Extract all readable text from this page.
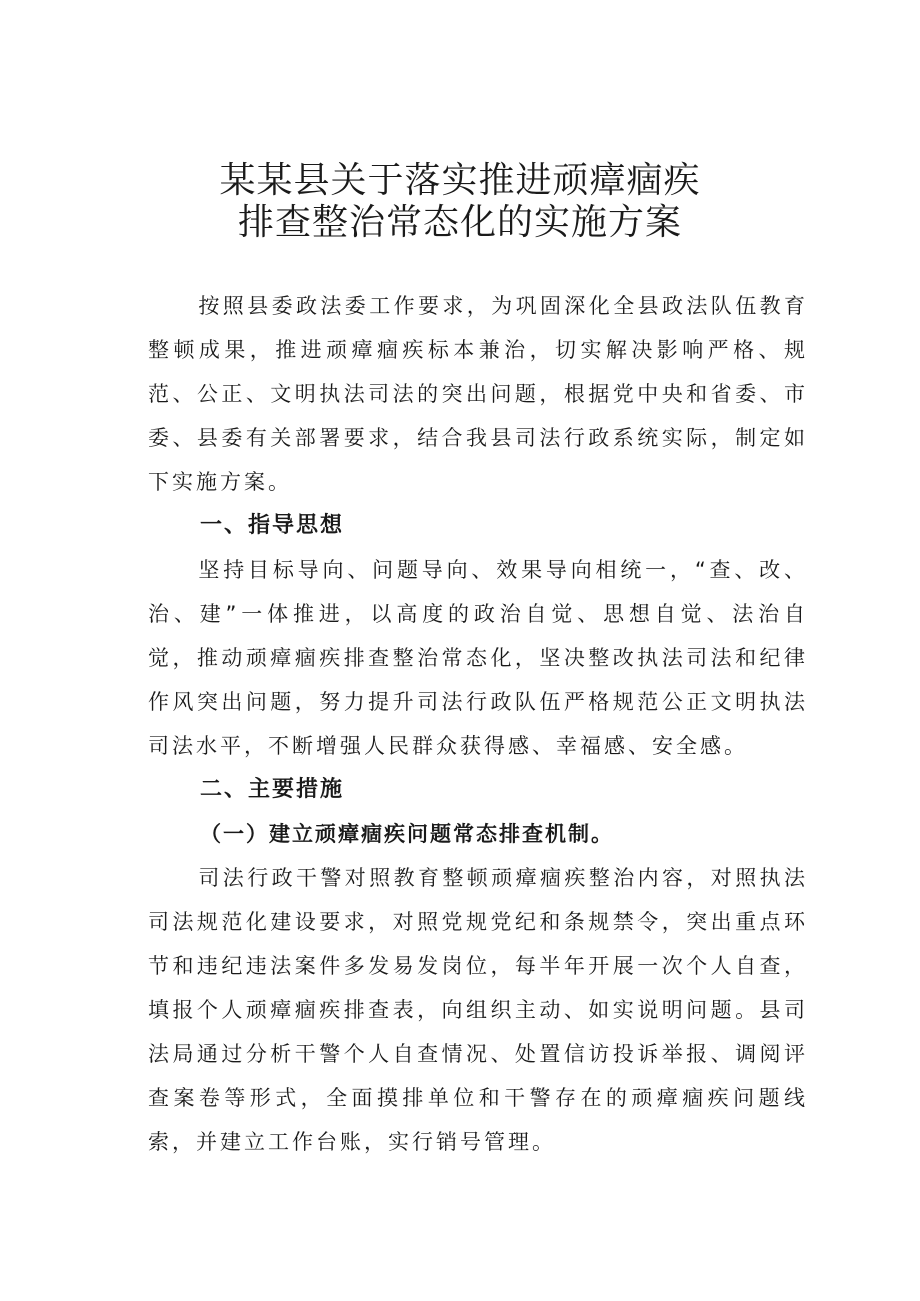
某某县关于落实推进顽瘴痼疾
排查整治常态化的实施方案

按照县委政法委工作要求，为巩固深化全县政法队伍教育整顿成果，推进顽瘴痼疾标本兼治，切实解决影响严格、规范、公正、文明执法司法的突出问题，根据党中央和省委、市委、县委有关部署要求，结合我县司法行政系统实际，制定如下实施方案。

一、指导思想

坚持目标导向、问题导向、效果导向相统一，“查、改、治、建”一体推进，以高度的政治自觉、思想自觉、法治自觉，推动顽瘴痼疾排查整治常态化，坚决整改执法司法和纪律作风突出问题，努力提升司法行政队伍严格规范公正文明执法司法水平，不断增强人民群众获得感、幸福感、安全感。

二、主要措施

（一）建立顽瘴痼疾问题常态排查机制。

司法行政干警对照教育整顿顽瘴痼疾整治内容，对照执法司法规范化建设要求，对照党规党纪和条规禁令，突出重点环节和违纪违法案件多发易发岗位，每半年开展一次个人自查，填报个人顽瘴痼疾排查表，向组织主动、如实说明问题。县司法局通过分析干警个人自查情况、处置信访投诉举报、调阅评查案卷等形式，全面摸排单位和干警存在的顽瘴痼疾问题线索，并建立工作台账，实行销号管理。
